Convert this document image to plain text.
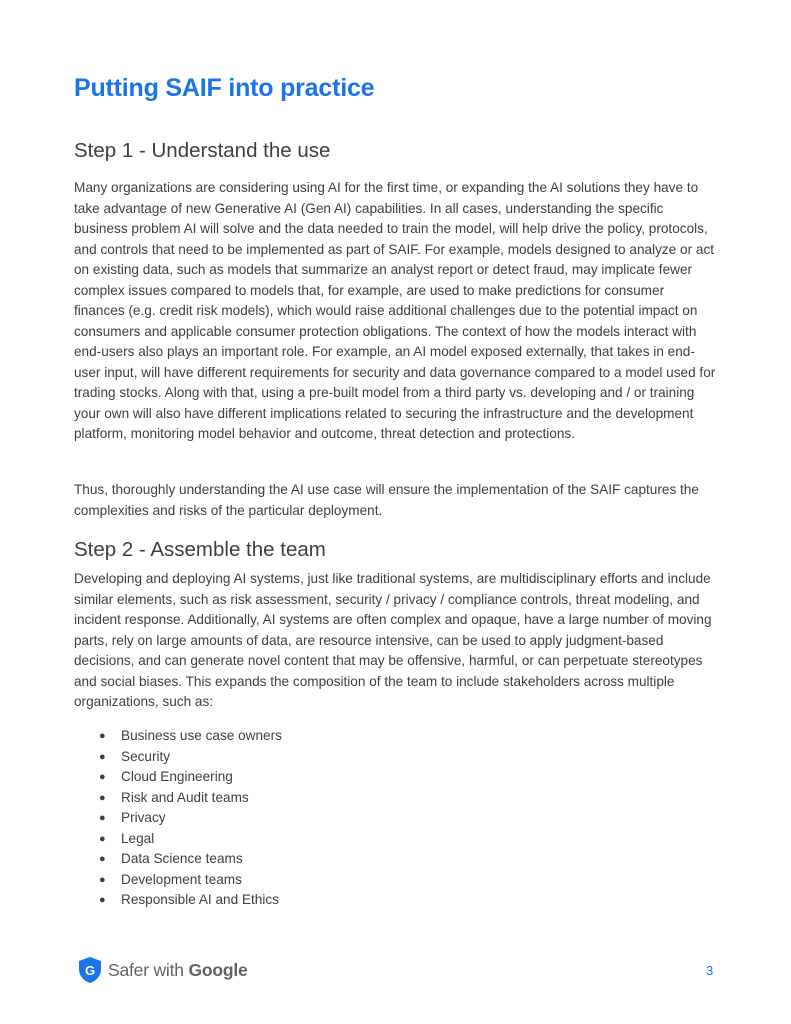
Putting SAIF into practice
Step 1 - Understand the use

Many organizations are considering using AI for the first time, or expanding the AI solutions they have to take advantage of new Generative AI (Gen AI) capabilities. In all cases, understanding the specific business problem AI will solve and the data needed to train the model, will help drive the policy, protocols, and controls that need to be implemented as part of SAIF. For example, models designed to analyze or act on existing data, such as models that summarize an analyst report or detect fraud, may implicate fewer complex issues compared to models that, for example, are used to make predictions for consumer finances (e.g. credit risk models), which would raise additional challenges due to the potential impact on consumers and applicable consumer protection obligations. The context of how the models interact with end-users also plays an important role. For example, an AI model exposed externally, that takes in end-user input, will have different requirements for security and data governance compared to a model used for trading stocks. Along with that, using a pre-built model from a third party vs. developing and / or training your own will also have different implications related to securing the infrastructure and the development platform, monitoring model behavior and outcome, threat detection and protections.

Thus, thoroughly understanding the AI use case will ensure the implementation of the SAIF captures the complexities and risks of the particular deployment.

Step 2 - Assemble the team

Developing and deploying AI systems, just like traditional systems, are multidisciplinary efforts and include similar elements, such as risk assessment, security / privacy / compliance controls, threat modeling, and incident response. Additionally, AI systems are often complex and opaque, have a large number of moving parts, rely on large amounts of data, are resource intensive, can be used to apply judgment-based decisions, and can generate novel content that may be offensive, harmful, or can perpetuate stereotypes and social biases. This expands the composition of the team to include stakeholders across multiple organizations, such as:

● Business use case owners
● Security
● Cloud Engineering
● Risk and Audit teams
● Privacy
● Legal
● Data Science teams
● Development teams
● Responsible AI and Ethics
G Safer with Google	3
